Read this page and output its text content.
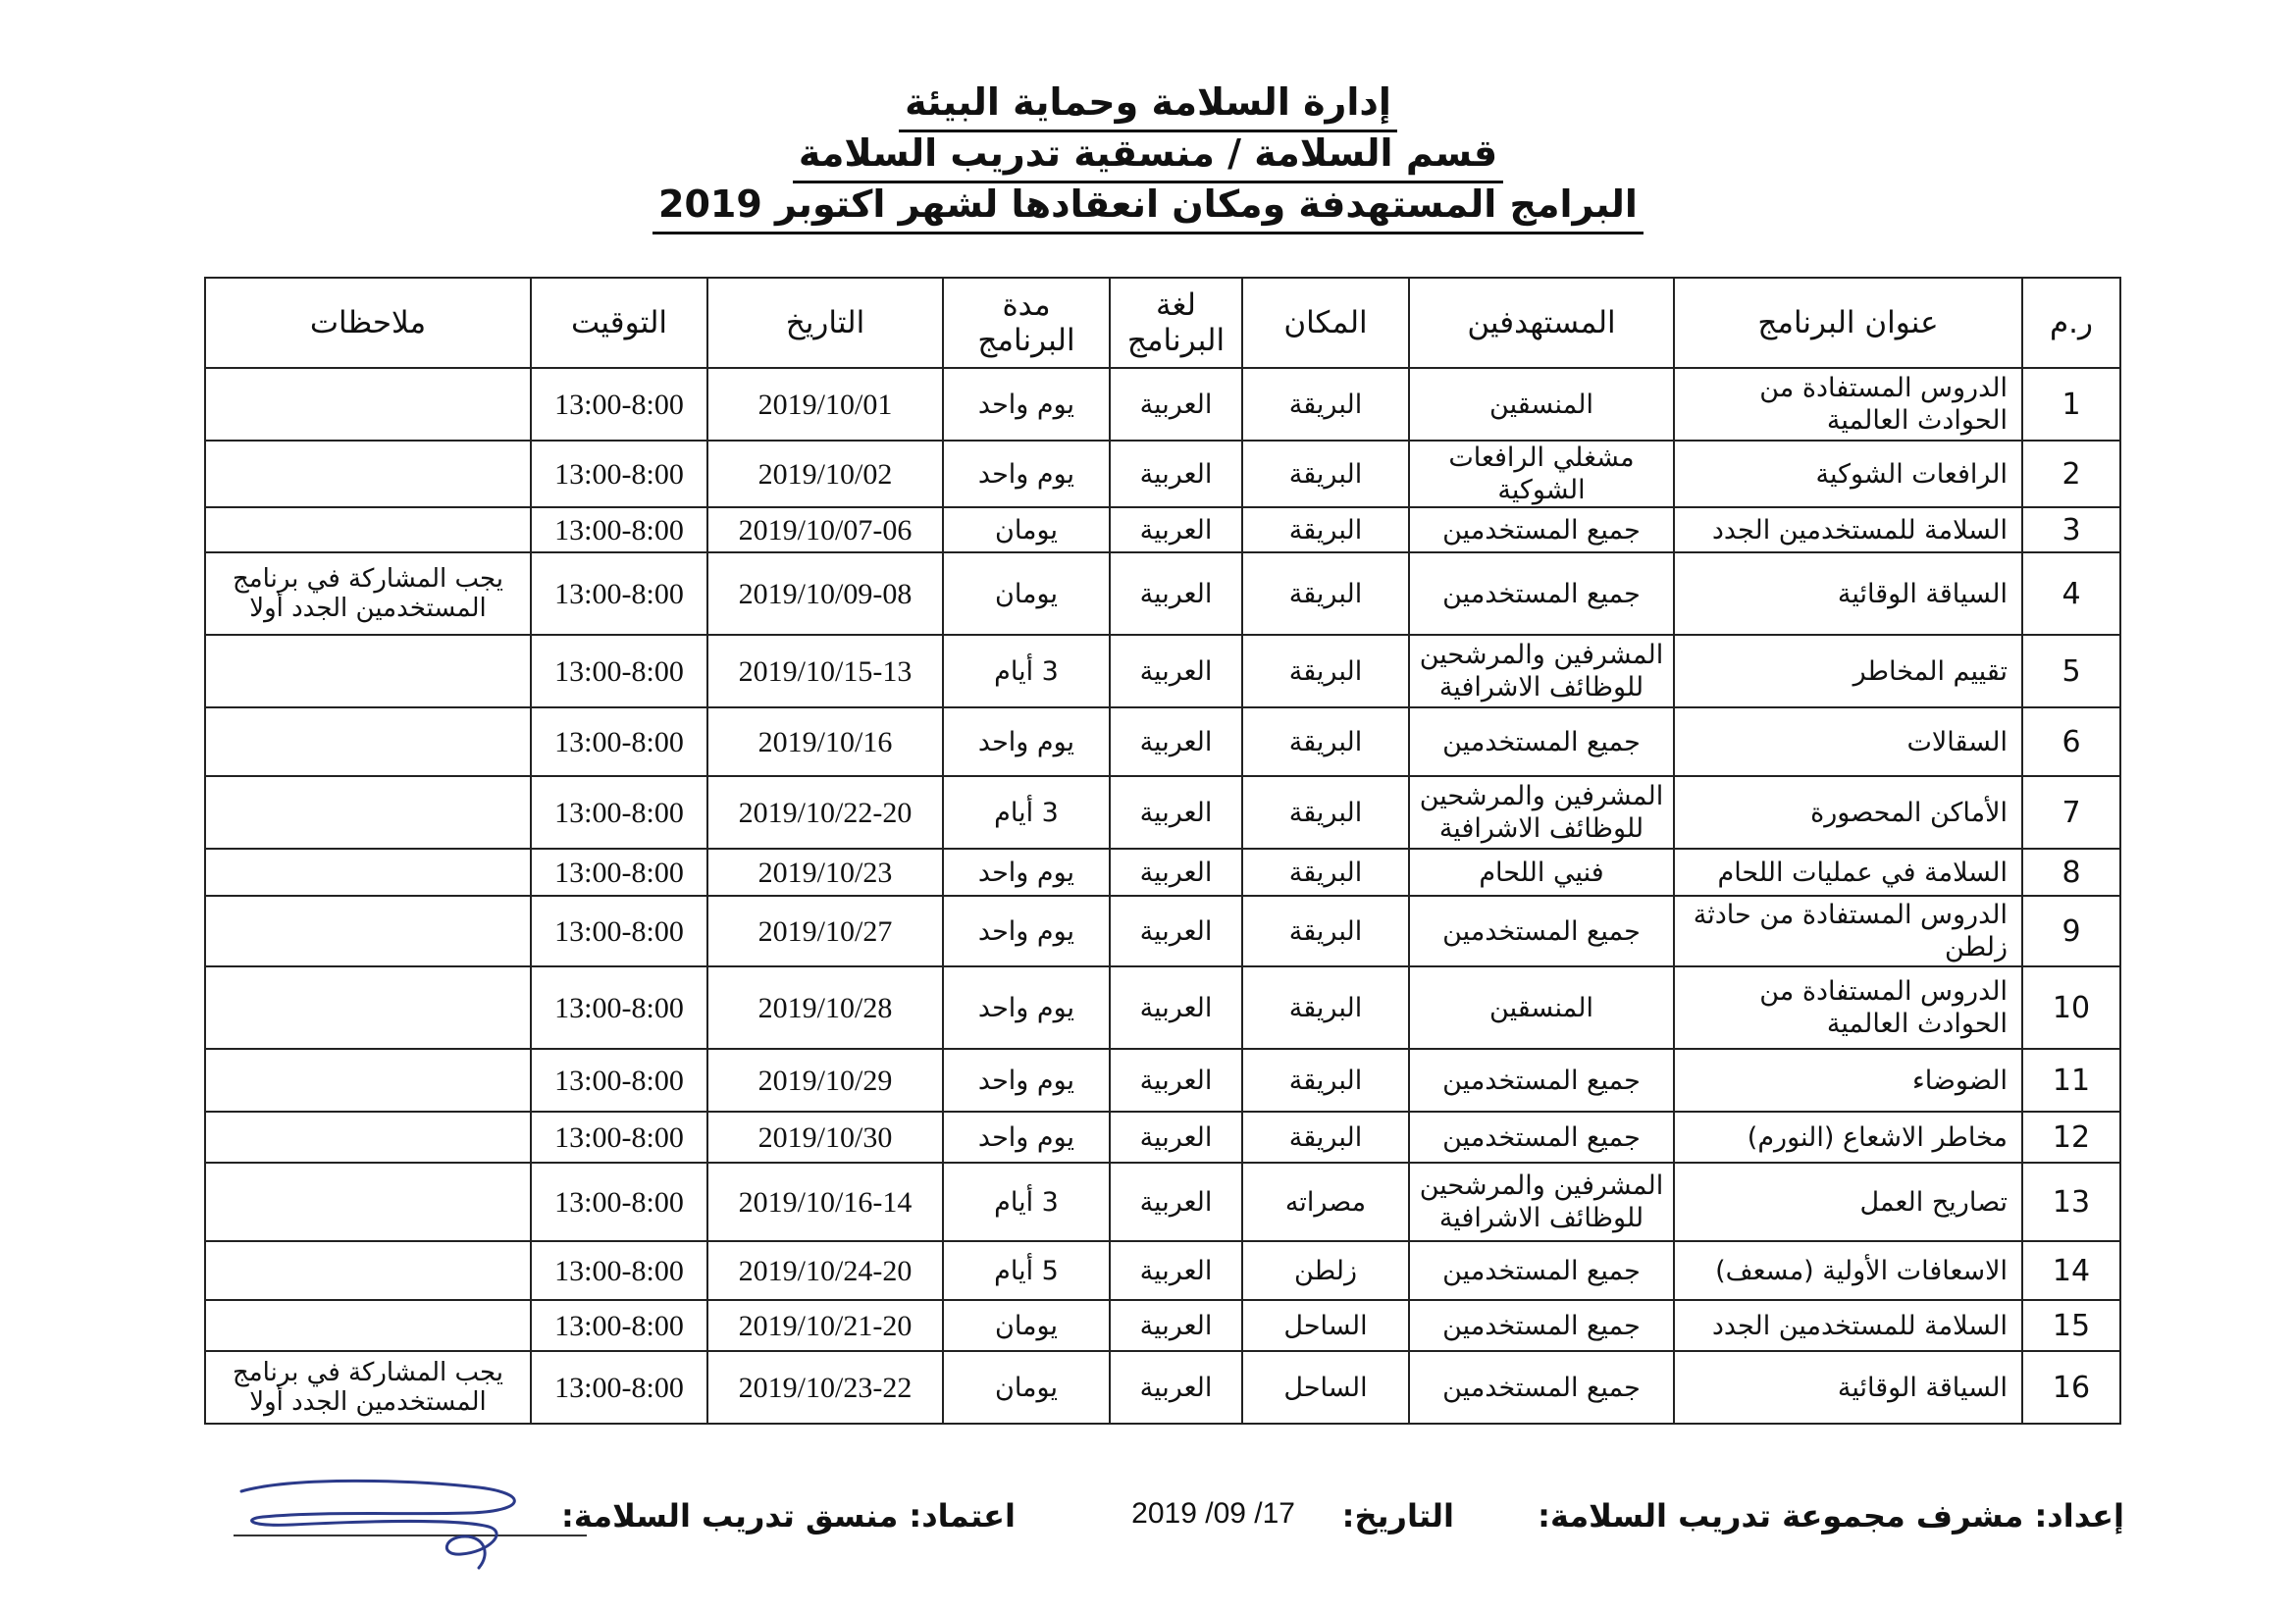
إدارة السلامة وحماية البيئة
قسم السلامة / منسقية تدريب السلامة
البرامج المستهدفة ومكان انعقادها لشهر اكتوبر 2019
ر.م	عنوان البرنامج	المستهدفين	المكان	لغة البرنامج	مدة البرنامج	التاريخ	التوقيت	ملاحظات
1	الدروس المستفادة من الحوادث العالمية	المنسقين	البريقة	العربية	يوم واحد	2019/10/01	13:00-8:00	
2	الرافعات الشوكية	مشغلي الرافعات الشوكية	البريقة	العربية	يوم واحد	2019/10/02	13:00-8:00	
3	السلامة للمستخدمين الجدد	جميع المستخدمين	البريقة	العربية	يومان	2019/10/07-06	13:00-8:00	
4	السياقة الوقائية	جميع المستخدمين	البريقة	العربية	يومان	2019/10/09-08	13:00-8:00	يجب المشاركة في برنامج المستخدمين الجدد أولا
5	تقييم المخاطر	المشرفين والمرشحين للوظائف الاشرافية	البريقة	العربية	3 أيام	2019/10/15-13	13:00-8:00	
6	السقالات	جميع المستخدمين	البريقة	العربية	يوم واحد	2019/10/16	13:00-8:00	
7	الأماكن المحصورة	المشرفين والمرشحين للوظائف الاشرافية	البريقة	العربية	3 أيام	2019/10/22-20	13:00-8:00	
8	السلامة في عمليات اللحام	فنيي اللحام	البريقة	العربية	يوم واحد	2019/10/23	13:00-8:00	
9	الدروس المستفادة من حادثة زلطن	جميع المستخدمين	البريقة	العربية	يوم واحد	2019/10/27	13:00-8:00	
10	الدروس المستفادة من الحوادث العالمية	المنسقين	البريقة	العربية	يوم واحد	2019/10/28	13:00-8:00	
11	الضوضاء	جميع المستخدمين	البريقة	العربية	يوم واحد	2019/10/29	13:00-8:00	
12	مخاطر الاشعاع (النورم)	جميع المستخدمين	البريقة	العربية	يوم واحد	2019/10/30	13:00-8:00	
13	تصاريح العمل	المشرفين والمرشحين للوظائف الاشرافية	مصراته	العربية	3 أيام	2019/10/16-14	13:00-8:00	
14	الاسعافات الأولية (مسعف)	جميع المستخدمين	زلطن	العربية	5 أيام	2019/10/24-20	13:00-8:00	
15	السلامة للمستخدمين الجدد	جميع المستخدمين	الساحل	العربية	يومان	2019/10/21-20	13:00-8:00	
16	السياقة الوقائية	جميع المستخدمين	الساحل	العربية	يومان	2019/10/23-22	13:00-8:00	يجب المشاركة في برنامج المستخدمين الجدد أولا
إعداد: مشرف مجموعة تدريب السلامة:
التاريخ:
2019 /09 /17
اعتماد: منسق تدريب السلامة:
